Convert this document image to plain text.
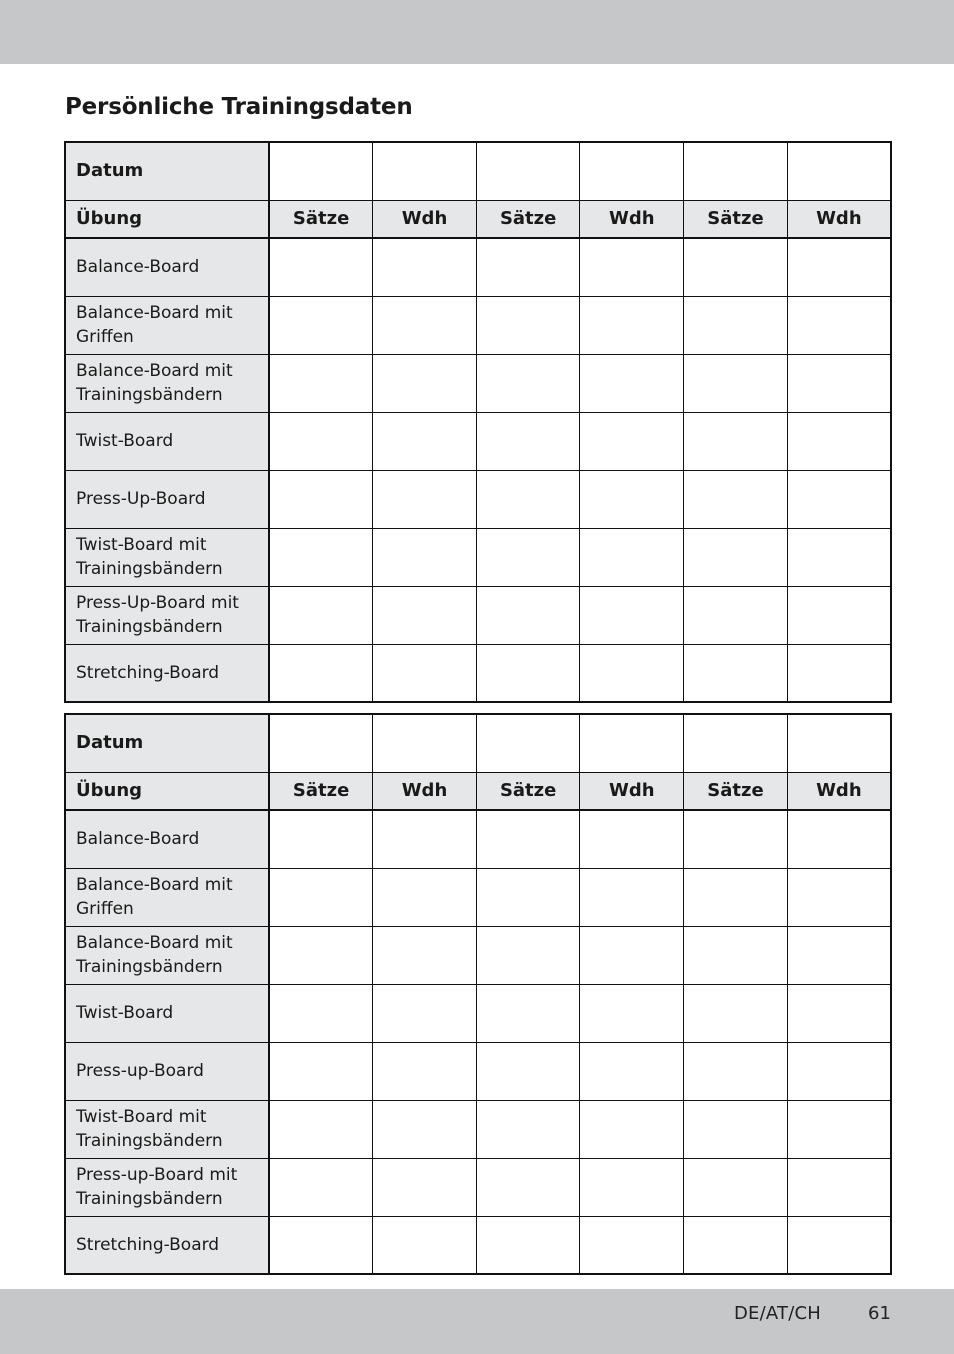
Persönliche Trainingsdaten
Datum						
Übung	Sätze	Wdh	Sätze	Wdh	Sätze	Wdh
Balance-Board						
Balance-Board mit Griffen						
Balance-Board mit Trainingsbändern						
Twist-Board						
Press-Up-Board						
Twist-Board mit Trainingsbändern						
Press-Up-Board mit Trainingsbändern						
Stretching-Board						
Datum						
Übung	Sätze	Wdh	Sätze	Wdh	Sätze	Wdh
Balance-Board						
Balance-Board mit Griffen						
Balance-Board mit Trainingsbändern						
Twist-Board						
Press-up-Board						
Twist-Board mit Trainingsbändern						
Press-up-Board mit Trainingsbändern						
Stretching-Board						
DE/AT/CH	61
